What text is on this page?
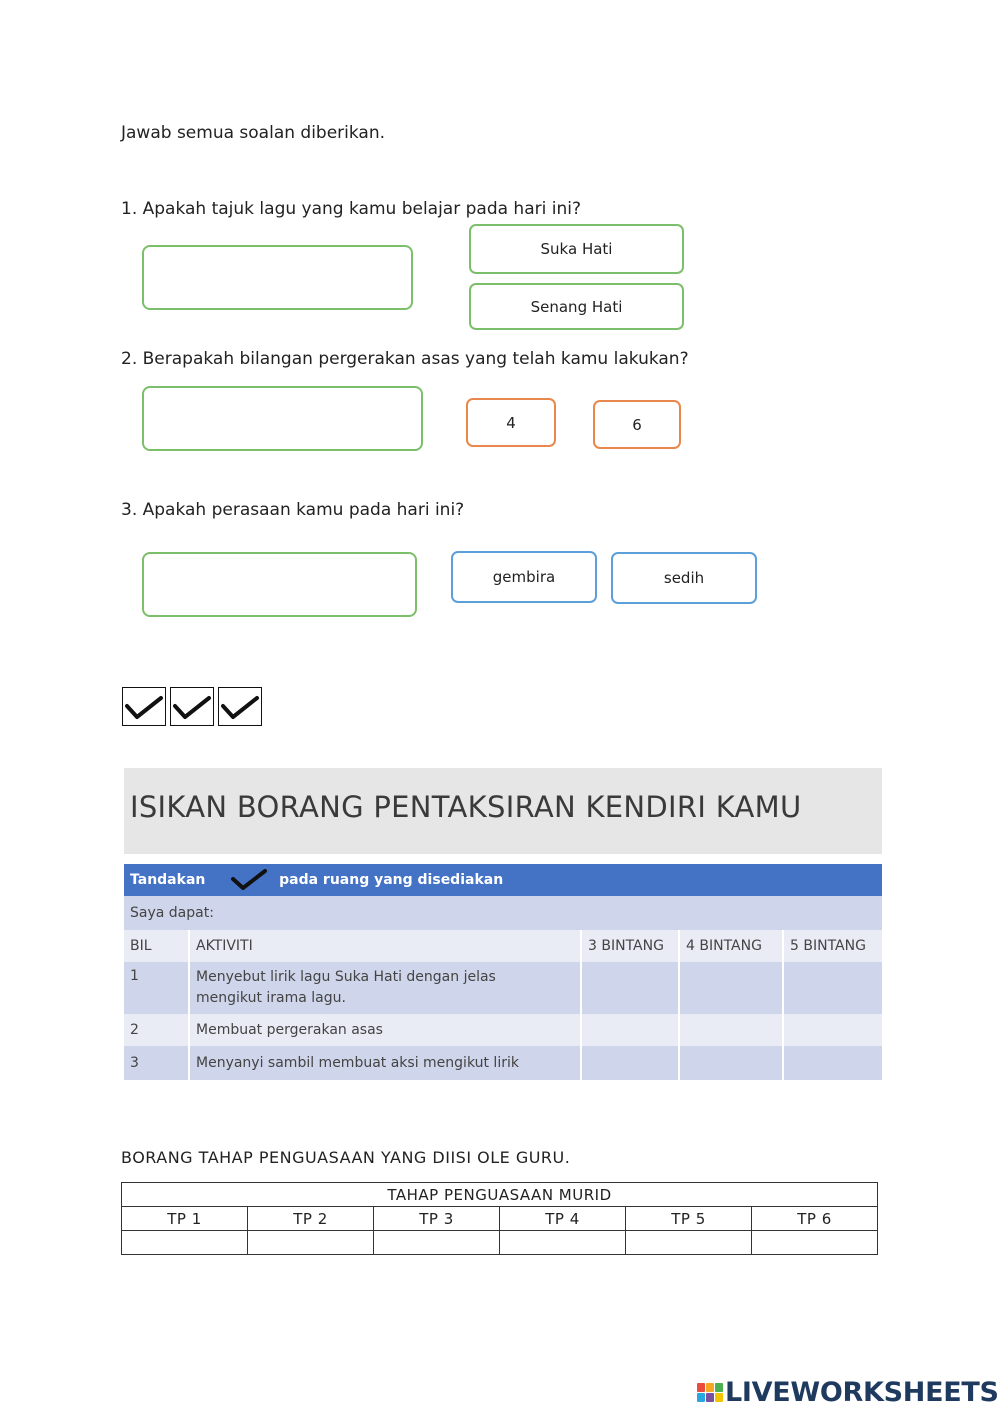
Jawab semua soalan diberikan.
1. Apakah tajuk lagu yang kamu belajar pada hari ini?
Suka Hati
Senang Hati
2. Berapakah bilangan pergerakan asas yang telah kamu lakukan?
4	6
3. Apakah perasaan kamu pada hari ini?
gembira	sedih
ISIKAN BORANG PENTAKSIRAN KENDIRI KAMU
Tandakan pada ruang yang disediakan				
Saya dapat:				
BIL	AKTIVITI	3 BINTANG	4 BINTANG	5 BINTANG
1	Menyebut lirik lagu Suka Hati dengan jelas
mengikut irama lagu.			

2	Membuat pergerakan asas			
3	Menyanyi sambil membuat aksi mengikut lirik			
BORANG TAHAP PENGUASAAN YANG DIISI OLE GURU.
TAHAP PENGUASAAN MURID					
TP 1	TP 2	TP 3	TP 4	TP 5	TP 6

LIVEWORKSHEETS
